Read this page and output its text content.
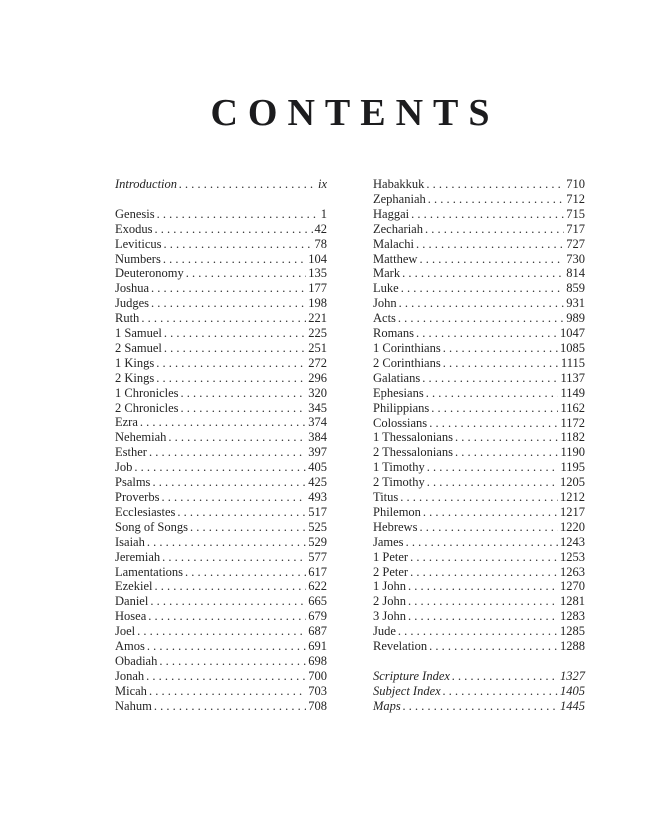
CONTENTS
Introduction . . .	ix
Genesis . . .	1
Exodus . . .	42
Leviticus . . .	78
Numbers . . .	104
Deuteronomy . . .	135
Joshua . . .	177
Judges . . .	198
Ruth . . .	221
1 Samuel . . .	225
2 Samuel . . .	251
1 Kings . . .	272
2 Kings . . .	296
1 Chronicles . . .	320
2 Chronicles . . .	345
Ezra . . .	374
Nehemiah . . .	384
Esther . . .	397
Job . . .	405
Psalms . . .	425
Proverbs . . .	493
Ecclesiastes . . .	517
Song of Songs . . .	525
Isaiah . . .	529
Jeremiah . . .	577
Lamentations . . .	617
Ezekiel . . .	622
Daniel . . .	665
Hosea . . .	679
Joel . . .	687
Amos . . .	691
Obadiah . . .	698
Jonah . . .	700
Micah . . .	703
Nahum . . .	708
Habakkuk . . .	710
Zephaniah . . .	712
Haggai . . .	715
Zechariah . . .	717
Malachi . . .	727
Matthew . . .	730
Mark . . .	814
Luke . . .	859
John . . .	931
Acts . . .	989
Romans . . .	1047
1 Corinthians . . .	1085
2 Corinthians . . .	1115
Galatians . . .	1137
Ephesians . . .	1149
Philippians . . .	1162
Colossians . . .	1172
1 Thessalonians . . .	1182
2 Thessalonians . . .	1190
1 Timothy . . .	1195
2 Timothy . . .	1205
Titus . . .	1212
Philemon . . .	1217
Hebrews . . .	1220
James . . .	1243
1 Peter . . .	1253
2 Peter . . .	1263
1 John . . .	1270
2 John . . .	1281
3 John . . .	1283
Jude . . .	1285
Revelation . . .	1288
Scripture Index . . .	1327
Subject Index . . .	1405
Maps . . .	1445
